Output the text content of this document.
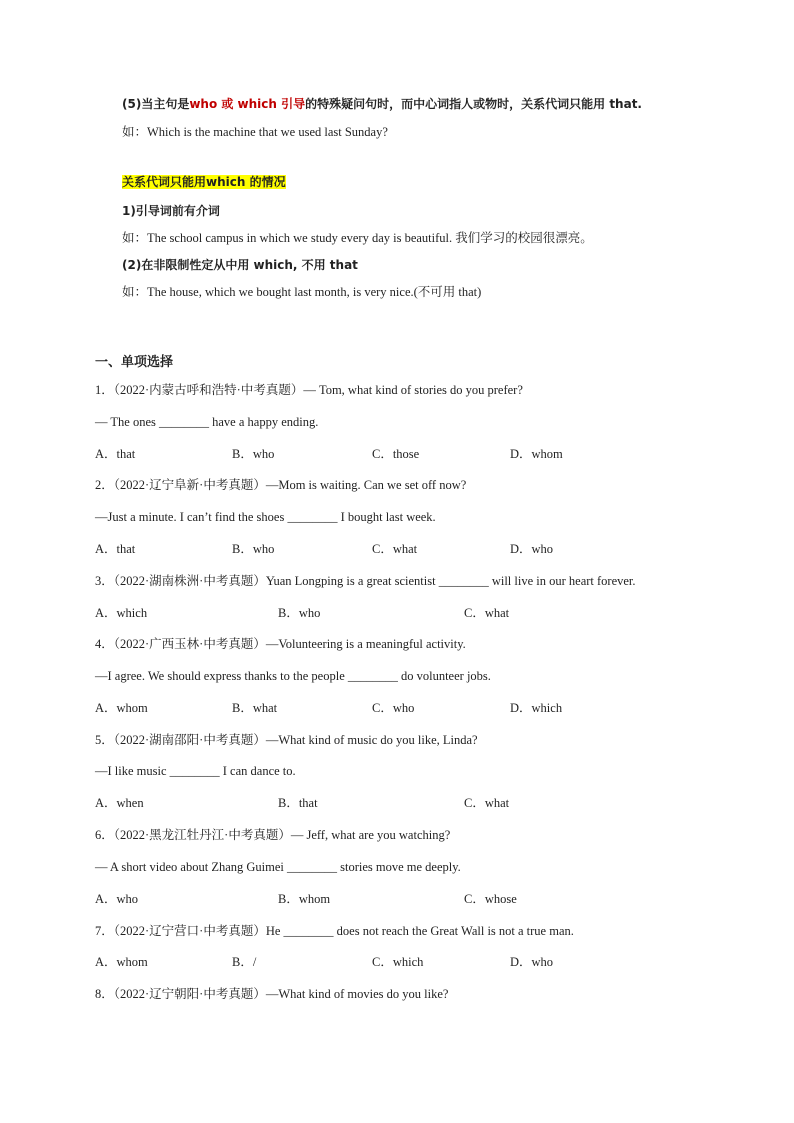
(5)当主句是who 或 which 引导的特殊疑问句时，而中心词指人或物时，关系代词只能用 that.
如：Which is the machine that we used last Sunday?
关系代词只能用which 的情况
1)引导词前有介词
如：The school campus in which we study every day is beautiful. 我们学习的校园很漂亮。
(2)在非限制性定从中用 which, 不用 that
如：The house, which we bought last month, is very nice.(不可用 that)
一、单项选择
1．（2022·内蒙古呼和浩特·中考真题）— Tom, what kind of stories do you prefer?
— The ones ________ have a happy ending.
A．that	B．who	C．those	D．whom
2．（2022·辽宁阜新·中考真题）—Mom is waiting. Can we set off now?
—Just a minute. I can’t find the shoes ________ I bought last week.
A．that	B．who	C．what	D．who
3．（2022·湖南株洲·中考真题）Yuan Longping is a great scientist ________ will live in our heart forever.
A．which	B．who	C．what
4．（2022·广西玉林·中考真题）—Volunteering is a meaningful activity.
—I agree. We should express thanks to the people ________ do volunteer jobs.
A．whom	B．what	C．who	D．which
5．（2022·湖南邵阳·中考真题）—What kind of music do you like, Linda?
—I like music ________ I can dance to.
A．when	B．that	C．what
6．（2022·黑龙江牡丹江·中考真题）— Jeff, what are you watching?
— A short video about Zhang Guimei ________ stories move me deeply.
A．who	B．whom	C．whose
7．（2022·辽宁营口·中考真题）He ________ does not reach the Great Wall is not a true man.
A．whom	B．/	C．which	D．who
8．（2022·辽宁朝阳·中考真题）—What kind of movies do you like?
